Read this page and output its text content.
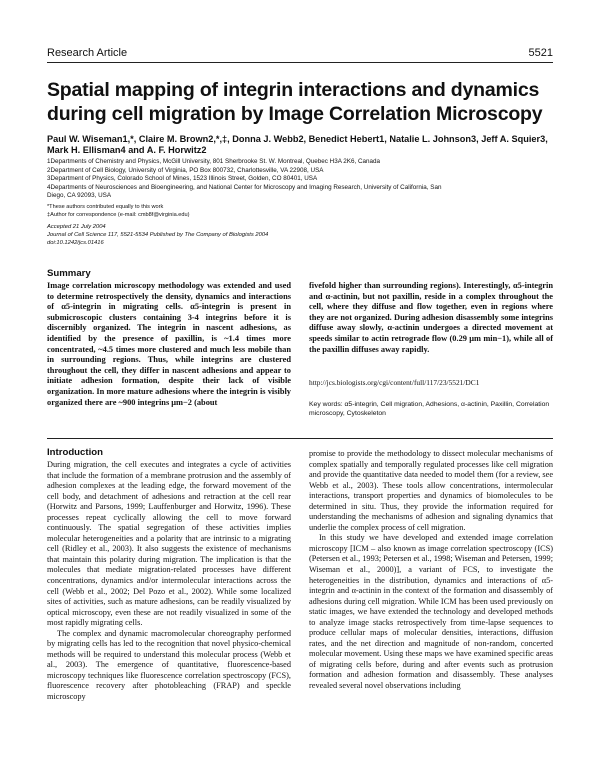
Research Article	5521
Spatial mapping of integrin interactions and dynamics during cell migration by Image Correlation Microscopy
Paul W. Wiseman1,*, Claire M. Brown2,*,‡, Donna J. Webb2, Benedict Hebert1, Natalie L. Johnson3, Jeff A. Squier3, Mark H. Ellisman4 and A. F. Horwitz2
1Departments of Chemistry and Physics, McGill University, 801 Sherbrooke St. W. Montreal, Quebec H3A 2K6, Canada
2Department of Cell Biology, University of Virginia, PO Box 800732, Charlottesville, VA 22908, USA
3Department of Physics, Colorado School of Mines, 1523 Illinois Street, Golden, CO 80401, USA
4Departments of Neurosciences and Bioengineering, and National Center for Microscopy and Imaging Research, University of California, San
Diego, CA 92093, USA
*These authors contributed equally to this work
‡Author for correspondence (e-mail: cmb8f@virginia.edu)
Accepted 21 July 2004
Journal of Cell Science 117, 5521-5534 Published by The Company of Biologists 2004
doi:10.1242/jcs.01416
Summary
Image correlation microscopy methodology was extended and used to determine retrospectively the density, dynamics and interactions of α5-integrin in migrating cells. α5-integrin is present in submicroscopic clusters containing 3-4 integrins before it is discernibly organized. The integrin in nascent adhesions, as identified by the presence of paxillin, is ~1.4 times more concentrated, ~4.5 times more clustered and much less mobile than in surrounding regions. Thus, while integrins are clustered throughout the cell, they differ in nascent adhesions and appear to initiate adhesion formation, despite their lack of visible organization. In more mature adhesions where the integrin is visibly organized there are ~900 integrins μm−2 (about
fivefold higher than surrounding regions). Interestingly, α5-integrin and α-actinin, but not paxillin, reside in a complex throughout the cell, where they diffuse and flow together, even in regions where they are not organized. During adhesion disassembly some integrins diffuse away slowly, α-actinin undergoes a directed movement at speeds similar to actin retrograde flow (0.29 μm min−1), while all of the paxillin diffuses away rapidly.
http://jcs.biologists.org/cgi/content/full/117/23/5521/DC1
Key words: α5-integrin, Cell migration, Adhesions, α-actinin, Paxillin, Correlation microscopy, Cytoskeleton
Introduction

During migration, the cell executes and integrates a cycle of activities that include the formation of a membrane protrusion and the assembly of adhesion complexes at the leading edge, the forward movement of the cell body, and detachment of adhesions and retraction at the cell rear (Horwitz and Parsons, 1999; Lauffenburger and Horwitz, 1996). These processes repeat cyclically allowing the cell to move forward continuously. The spatial segregation of these activities implies molecular heterogeneities and a polarity that are intrinsic to a migrating cell (Ridley et al., 2003). It also suggests the existence of mechanisms that maintain this polarity during migration. The implication is that the molecules that mediate migration-related processes have different concentrations, dynamics and/or intermolecular interactions across the cell (Webb et al., 2002; Del Pozo et al., 2002). While some localized sites of activities, such as mature adhesions, can be readily visualized by optical microscopy, even these are not readily visualized in some of the most rapidly migrating cells.

The complex and dynamic macromolecular choreography performed by migrating cells has led to the recognition that novel physico-chemical methods will be required to understand this molecular process (Webb et al., 2003). The emergence of quantitative, fluorescence-based microscopy techniques like fluorescence correlation spectroscopy (FCS), fluorescence recovery after photobleaching (FRAP) and speckle microscopy

promise to provide the methodology to dissect molecular mechanisms of complex spatially and temporally regulated processes like cell migration and provide the quantitative data needed to model them (for a review, see Webb et al., 2003). These tools allow concentrations, intermolecular interactions, transport properties and dynamics of biomolecules to be determined in situ. Thus, they provide the information required for understanding the mechanisms of adhesion and signaling dynamics that underlie the complex process of cell migration.

In this study we have developed and extended image correlation microscopy [ICM – also known as image correlation spectroscopy (ICS) (Petersen et al., 1993; Petersen et al., 1998; Wiseman and Petersen, 1999; Wiseman et al., 2000)], a variant of FCS, to investigate the heterogeneities in the distribution, dynamics and interactions of α5-integrin and α-actinin in the context of the formation and disassembly of adhesions during cell migration. While ICM has been used previously on static images, we have extended the technology and developed methods to analyze image stacks retrospectively from time-lapse sequences to produce cellular maps of molecular densities, interactions, diffusion rates, and the net direction and magnitude of non-random, concerted molecular movement. Using these maps we have examined specific areas of migrating cells before, during and after events such as protrusion formation and adhesion formation and disassembly. These analyses revealed several novel observations including
